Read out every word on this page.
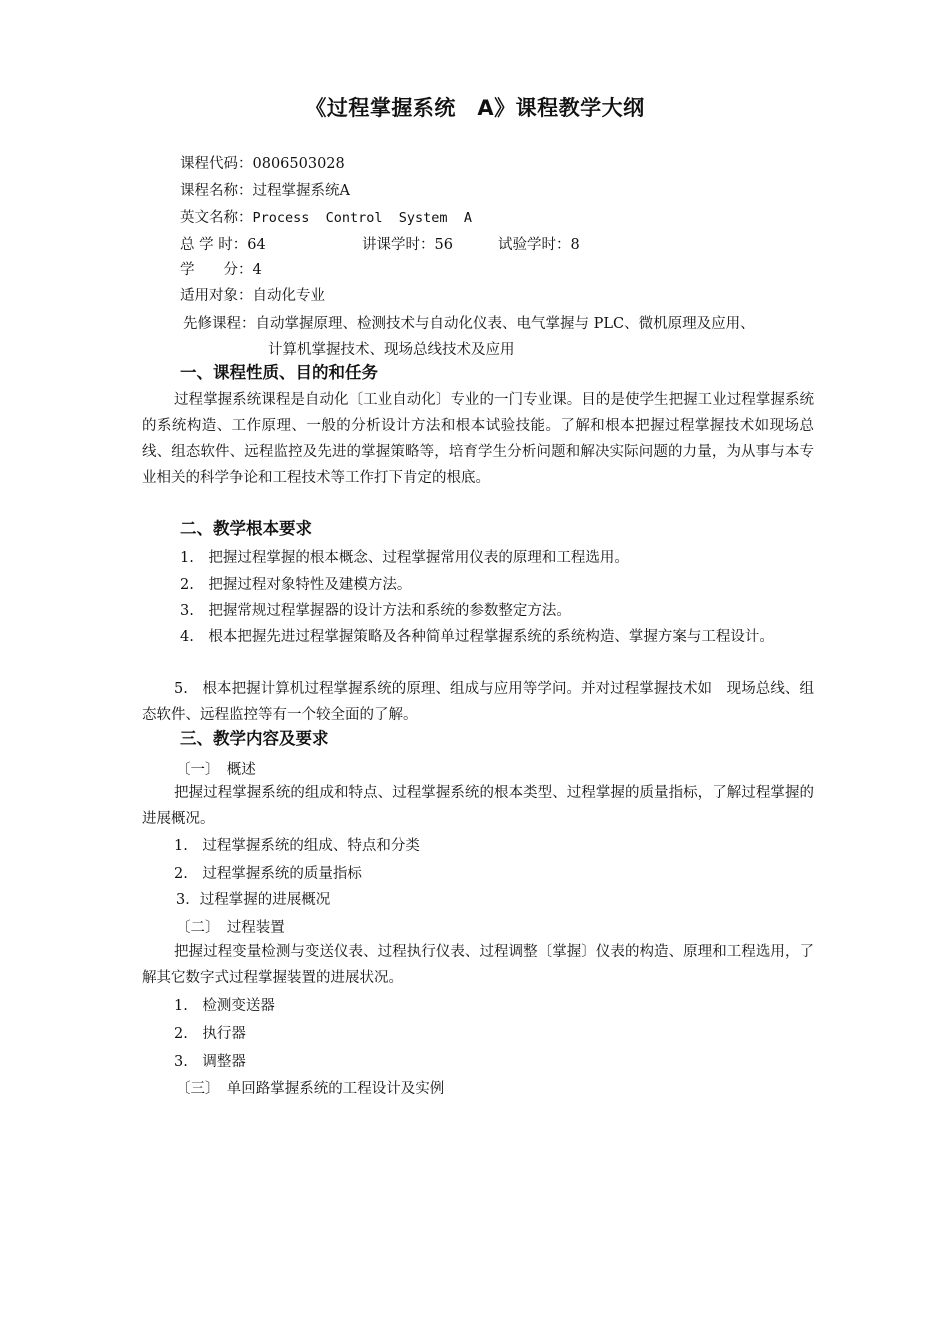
《过程掌握系统　A》课程教学大纲
课程代码：0806503028
课程名称：过程掌握系统A
英文名称：Process  Control  System  A
总 学 时：64	讲课学时：56	试验学时：8
学　　分：4
适用对象：自动化专业
先修课程：自动掌握原理、检测技术与自动化仪表、电气掌握与 PLC、微机原理及应用、
计算机掌握技术、现场总线技术及应用
一、课程性质、目的和任务
过程掌握系统课程是自动化〔工业自动化〕专业的一门专业课。目的是使学生把握工业过程掌握系统的系统构造、工作原理、一般的分析设计方法和根本试验技能。了解和根本把握过程掌握技术如现场总线、组态软件、远程监控及先进的掌握策略等，培育学生分析问题和解决实际问题的力量，为从事与本专业相关的科学争论和工程技术等工作打下肯定的根底。
二、教学根本要求
1.　把握过程掌握的根本概念、过程掌握常用仪表的原理和工程选用。
2.　把握过程对象特性及建模方法。
3.　把握常规过程掌握器的设计方法和系统的参数整定方法。
4.　根本把握先进过程掌握策略及各种简单过程掌握系统的系统构造、掌握方案与工程设计。
5.　根本把握计算机过程掌握系统的原理、组成与应用等学问。并对过程掌握技术如　现场总线、组态软件、远程监控等有一个较全面的了解。
三、教学内容及要求
〔一〕　概述
把握过程掌握系统的组成和特点、过程掌握系统的根本类型、过程掌握的质量指标，了解过程掌握的进展概况。
1.　过程掌握系统的组成、特点和分类
2.　过程掌握系统的质量指标
3．过程掌握的进展概况
〔二〕　过程装置
把握过程变量检测与变送仪表、过程执行仪表、过程调整〔掌握〕仪表的构造、原理和工程选用，了解其它数字式过程掌握装置的进展状况。
1.　检测变送器
2.　执行器
3.　调整器
〔三〕　单回路掌握系统的工程设计及实例
